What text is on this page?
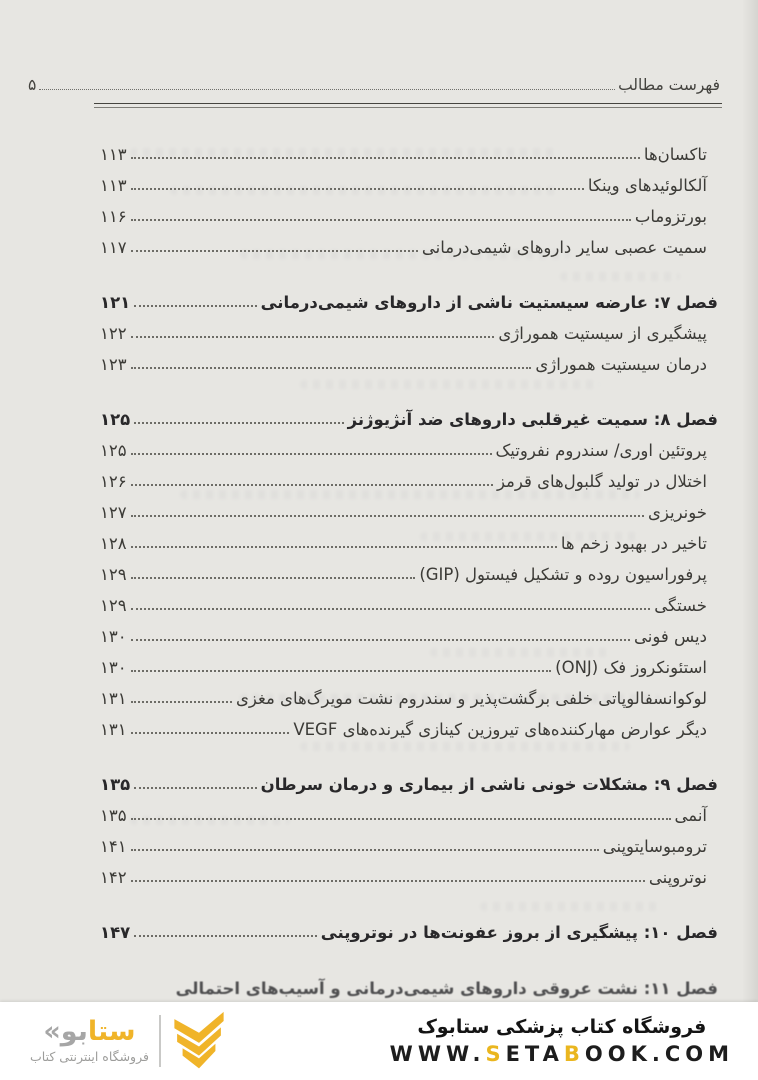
فهرست مطالب
۵
تاکسان‌ها
۱۱۳
آلکالوئیدهای وینکا
۱۱۳
بورتزوماب
۱۱۶
سمیت عصبی سایر داروهای شیمی‌درمانی
۱۱۷
فصل ۷: عارضه سیستیت ناشی از داروهای شیمی‌درمانی
۱۲۱
پیشگیری از سیستیت هموراژی
۱۲۲
درمان سیستیت هموراژی
۱۲۳
فصل ۸: سمیت غیرقلبی داروهای ضد آنژیوژنز
۱۲۵
پروتئین اوری/ سندروم نفروتیک
۱۲۵
اختلال در تولید گلبول‌های قرمز
۱۲۶
خونریزی
۱۲۷
تاخیر در بهبود زخم ها
۱۲۸
پرفوراسیون روده و تشکیل فیستول (GIP)
۱۲۹
خستگی
۱۲۹
دیس فونی
۱۳۰
استئونکروز فک (ONJ)
۱۳۰
لوکوانسفالوپاتی خلفی برگشت‌پذیر و سندروم نشت مویرگ‌های مغزی
۱۳۱
دیگر عوارض مهارکننده‌های تیروزین کینازی گیرنده‌های VEGF
۱۳۱
فصل ۹: مشکلات خونی ناشی از بیماری و درمان سرطان
۱۳۵
آنمی
۱۳۵
ترومبوسایتوپنی
۱۴۱
نوتروپنی
۱۴۲
فصل ۱۰: پیشگیری از بروز عفونت‌ها در نوتروپنی
۱۴۷
فصل ۱۱: نشت عروقی داروهای شیمی‌درمانی و آسیب‌های احتمالی
ستابو«
فروشگاه اینترنتی کتاب
فروشگاه کتاب پزشکی ستابوک
WWW.SETABOOK.COM
